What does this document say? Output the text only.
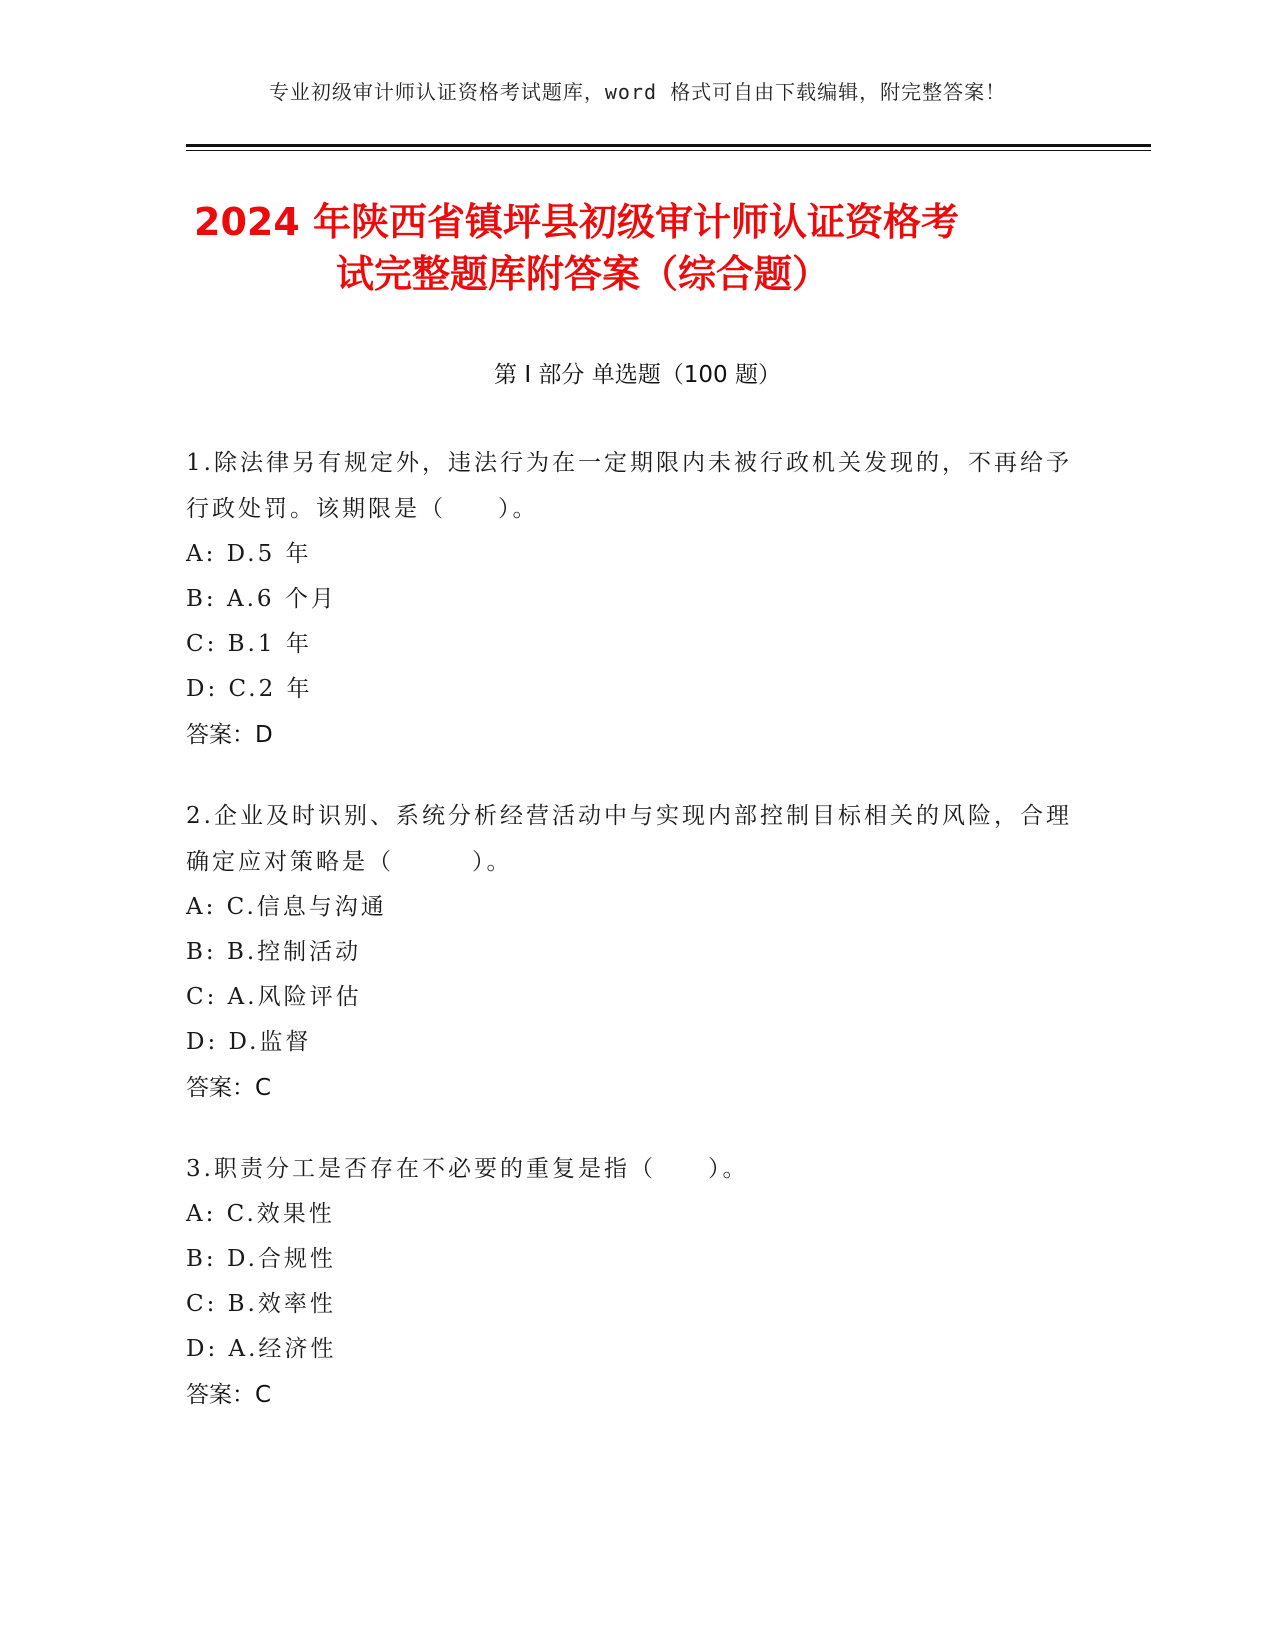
专业初级审计师认证资格考试题库，word 格式可自由下载编辑，附完整答案！
2024 年陕西省镇坪县初级审计师认证资格考
试完整题库附答案（综合题）
第 I 部分 单选题（100 题）
1.除法律另有规定外，违法行为在一定期限内未被行政机关发现的，不再给予行政处罚。该期限是（　　）。
A: D.5 年
B: A.6 个月
C: B.1 年
D: C.2 年
答案：D
2.企业及时识别、系统分析经营活动中与实现内部控制目标相关的风险，合理确定应对策略是（　　　）。
A: C.信息与沟通
B: B.控制活动
C: A.风险评估
D: D.监督
答案：C
3.职责分工是否存在不必要的重复是指（　　）。
A: C.效果性
B: D.合规性
C: B.效率性
D: A.经济性
答案：C
